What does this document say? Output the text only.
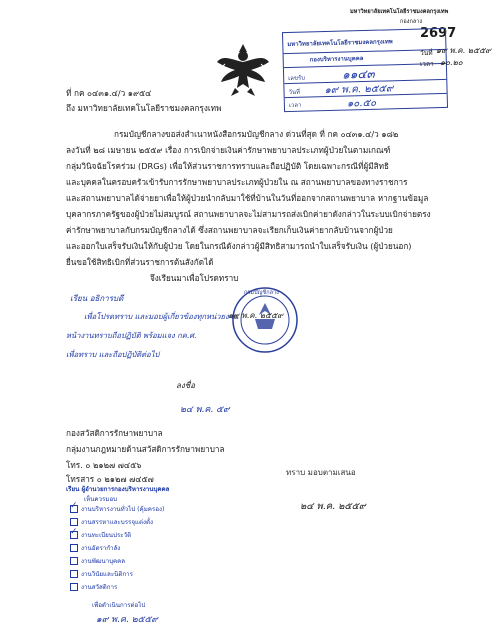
มหาวิทยาลัยเทคโนโลยีราชมงคลกรุงเทพ
กองกลาง
2697
มหาวิทยาลัยเทคโนโลยีราชมงคลกรุงเทพ
กองบริหารงานบุคคล
เลขรับ	๑๑๔๓
วันที่ ๑๙ พ.ค. ๒๕๕๙
เวลา	๑๐.๕๐
วันที่ ๑๙ พ.ค. ๒๕๕๙
เวลา ๑๐.๒๐
ที่ กค ๐๔๓๑.๔/ว ๑๙๕๔
ถึง มหาวิทยาลัยเทคโนโลยีราชมงคลกรุงเทพ
กรมบัญชีกลางขอส่งสำเนาหนังสือกรมบัญชีกลาง ด่วนที่สุด ที่ กค ๐๔๓๑.๔/ว ๑๘๒
ลงวันที่ ๒๘ เมษายน ๒๕๕๙ เรื่อง การเบิกจ่ายเงินค่ารักษาพยาบาลประเภทผู้ป่วยในตามเกณฑ์
กลุ่มวินิจฉัยโรคร่วม (DRGs) เพื่อให้ส่วนราชการทราบและถือปฏิบัติ โดยเฉพาะกรณีที่ผู้มีสิทธิ
และบุคคลในครอบครัวเข้ารับการรักษาพยาบาลประเภทผู้ป่วยใน ณ สถานพยาบาลของทางราชการ
และสถานพยาบาลได้จ่ายยาเพื่อให้ผู้ป่วยนำกลับมาใช้ที่บ้านในวันที่ออกจากสถานพยาบาล หากฐานข้อมูล
บุคลากรภาครัฐของผู้ป่วยไม่สมบูรณ์ สถานพยาบาลจะไม่สามารถส่งเบิกค่ายาดังกล่าวในระบบเบิกจ่ายตรง
ค่ารักษาพยาบาลกับกรมบัญชีกลางได้ ซึ่งสถานพยาบาลจะเรียกเก็บเงินค่ายากลับบ้านจากผู้ป่วย
และออกใบเสร็จรับเงินให้กับผู้ป่วย โดยในกรณีดังกล่าวผู้มีสิทธิสามารถนำใบเสร็จรับเงิน (ผู้ป่วยนอก)
ยื่นขอใช้สิทธิเบิกที่ส่วนราชการต้นสังกัดได้
จึงเรียนมาเพื่อโปรดทราบ
เรียน อธิการบดี
เพื่อโปรดทราบ และมอบผู้เกี่ยวข้องทุกหน่วยงาน
หน้างานทราบถือปฏิบัติ พร้อมแจง กค.ศ.
เพื่อทราบ และถือปฏิบัติต่อไป
ลงชื่อ
๒๔ พ.ค. ๕๙
กรมบัญชีกลาง
๑๙ พ.ค. ๒๕๕๙
กองสวัสดิการรักษาพยาบาล
กลุ่มงานกฎหมายด้านสวัสดิการรักษาพยาบาล
โทร. ๐ ๒๑๒๗ ๗๔๕๖
โทรสาร ๐ ๒๑๒๗ ๗๔๕๗
เรียน ผู้อำนวยการกองบริหารงานบุคคล
เห็นควรมอบ
✓
งานบริหารงานทั่วไป (คุ้มครอง)
งานสรรหาและบรรจุแต่งตั้ง
✓
งานทะเบียนประวัติ
งานอัตรากำลัง
งานพัฒนาบุคคล
งานวินัยและนิติการ
งานสวัสดิการ
เพื่อดำเนินการต่อไป
๑๙ พ.ค. ๒๕๕๙
ทราบ มอบตามเสนอ
๒๔ พ.ค. ๒๕๕๙
